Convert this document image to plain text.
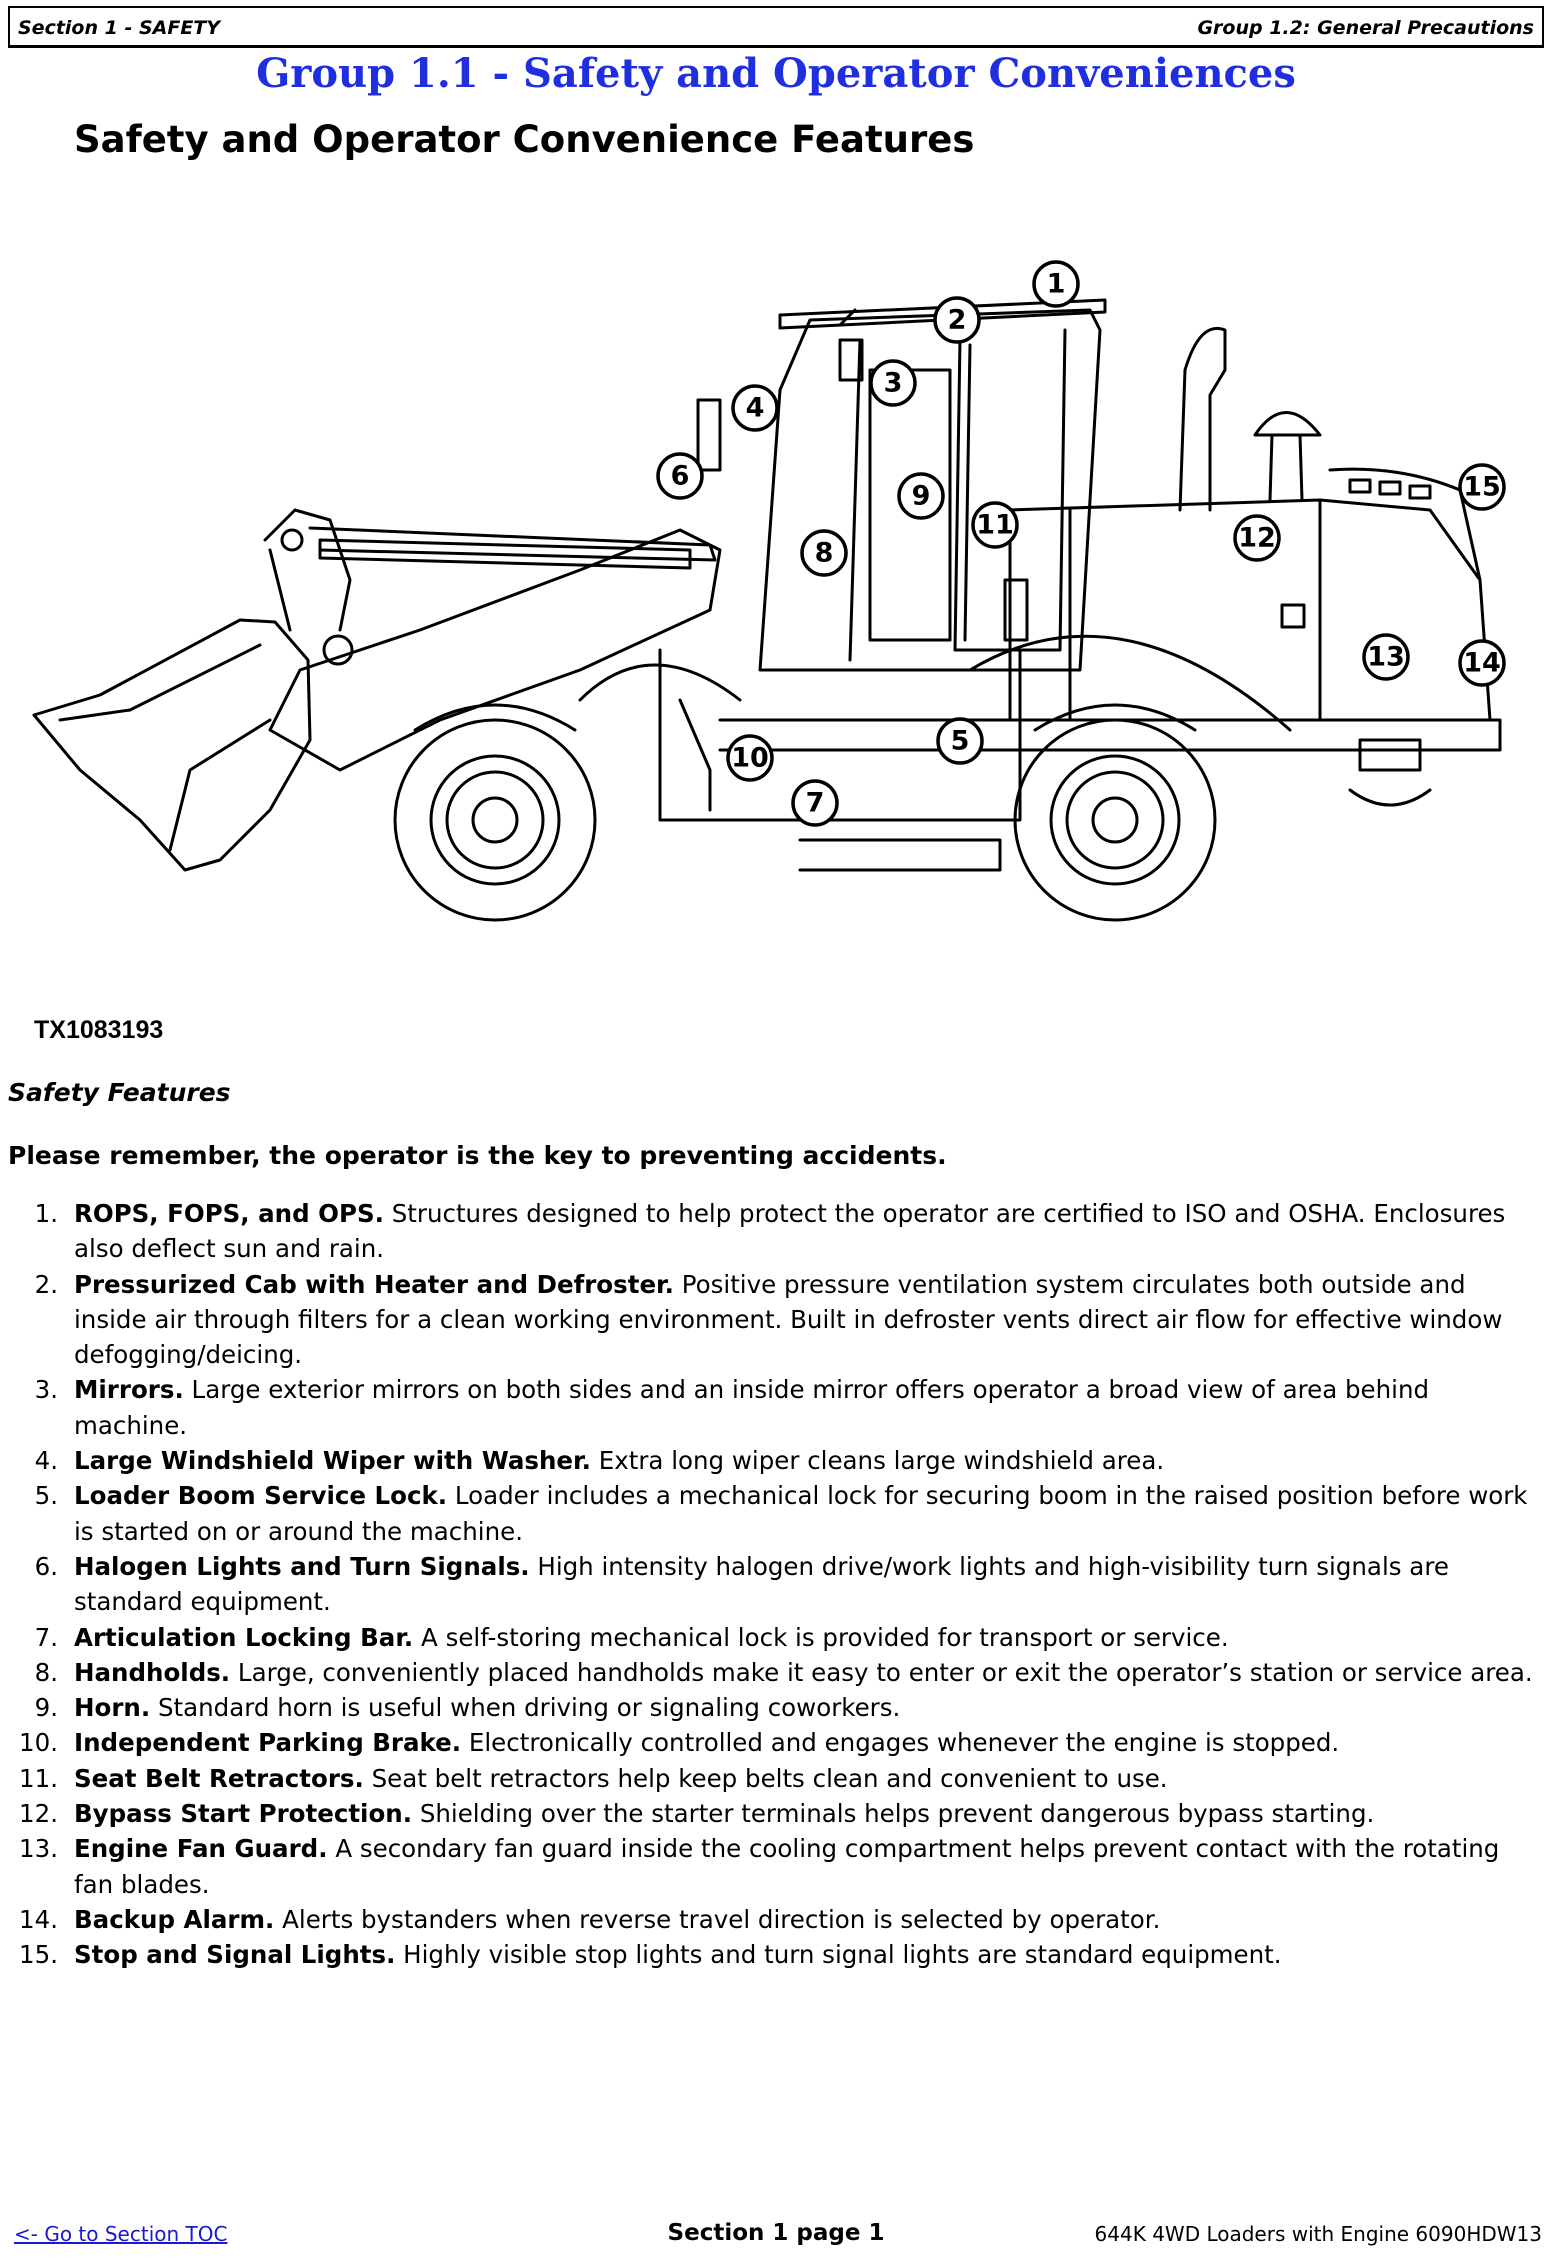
Section 1 - SAFETY	Group 1.2: General Precautions
Group 1.1 - Safety and Operator Conveniences
Safety and Operator Convenience Features
1
2
3
4
5
6
7
8
9
10
11	12
13 14
15
TX1083193
Safety Features
Please remember, the operator is the key to preventing accidents.
1. ROPS, FOPS, and OPS. Structures designed to help protect the operator are certified to ISO and OSHA. Enclosures also deflect sun and rain.
2. Pressurized Cab with Heater and Defroster. Positive pressure ventilation system circulates both outside and inside air through filters for a clean working environment. Built in defroster vents direct air flow for effective window defogging/deicing.
3. Mirrors. Large exterior mirrors on both sides and an inside mirror offers operator a broad view of area behind machine.
4. Large Windshield Wiper with Washer. Extra long wiper cleans large windshield area.
5. Loader Boom Service Lock. Loader includes a mechanical lock for securing boom in the raised position before work is started on or around the machine.
6. Halogen Lights and Turn Signals. High intensity halogen drive/work lights and high-visibility turn signals are standard equipment.
7. Articulation Locking Bar. A self-storing mechanical lock is provided for transport or service.
8. Handholds. Large, conveniently placed handholds make it easy to enter or exit the operator’s station or service area.
9. Horn. Standard horn is useful when driving or signaling coworkers.
10. Independent Parking Brake. Electronically controlled and engages whenever the engine is stopped.
11. Seat Belt Retractors. Seat belt retractors help keep belts clean and convenient to use.
12. Bypass Start Protection. Shielding over the starter terminals helps prevent dangerous bypass starting.
13. Engine Fan Guard. A secondary fan guard inside the cooling compartment helps prevent contact with the rotating fan blades.
14. Backup Alarm. Alerts bystanders when reverse travel direction is selected by operator.
15. Stop and Signal Lights. Highly visible stop lights and turn signal lights are standard equipment.
<- Go to Section TOC	Section 1 page 1	644K 4WD Loaders with Engine 6090HDW13
